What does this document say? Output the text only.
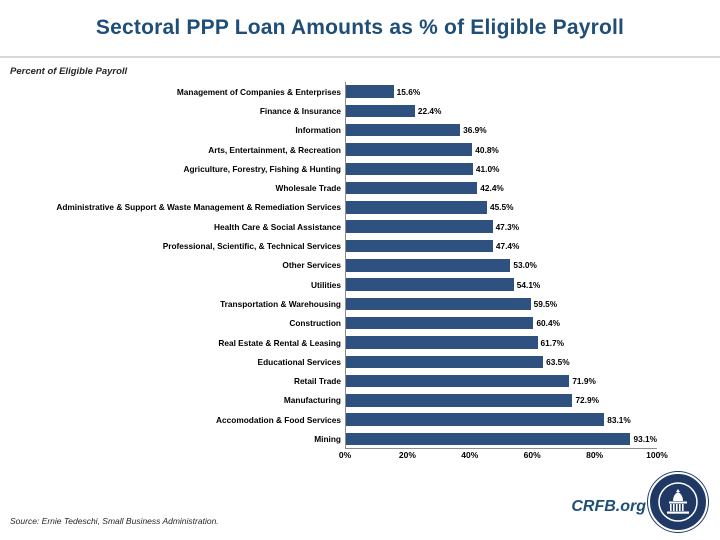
Sectoral PPP Loan Amounts as % of Eligible Payroll
Percent of Eligible Payroll
Management of Companies & Enterprises	15.6%
Finance & Insurance	22.4%
Information	36.9%
Arts, Entertainment, & Recreation	40.8%
Agriculture, Forestry, Fishing & Hunting	41.0%
Wholesale Trade	42.4%
Administrative & Support & Waste Management & Remediation Services	45.5%
Health Care & Social Assistance	47.3%
Professional, Scientific, & Technical Services	47.4%
Other Services	53.0%
Utilities	54.1%
Transportation & Warehousing	59.5%
Construction	60.4%
Real Estate & Rental & Leasing	61.7%
Educational Services	63.5%
Retail Trade	71.9%
Manufacturing	72.9%
Accomodation & Food Services	83.1%
Mining	93.1%
0%	20%	40%	60%	80%	100%
Source: Ernie Tedeschi, Small Business Administration.
CRFB.org
